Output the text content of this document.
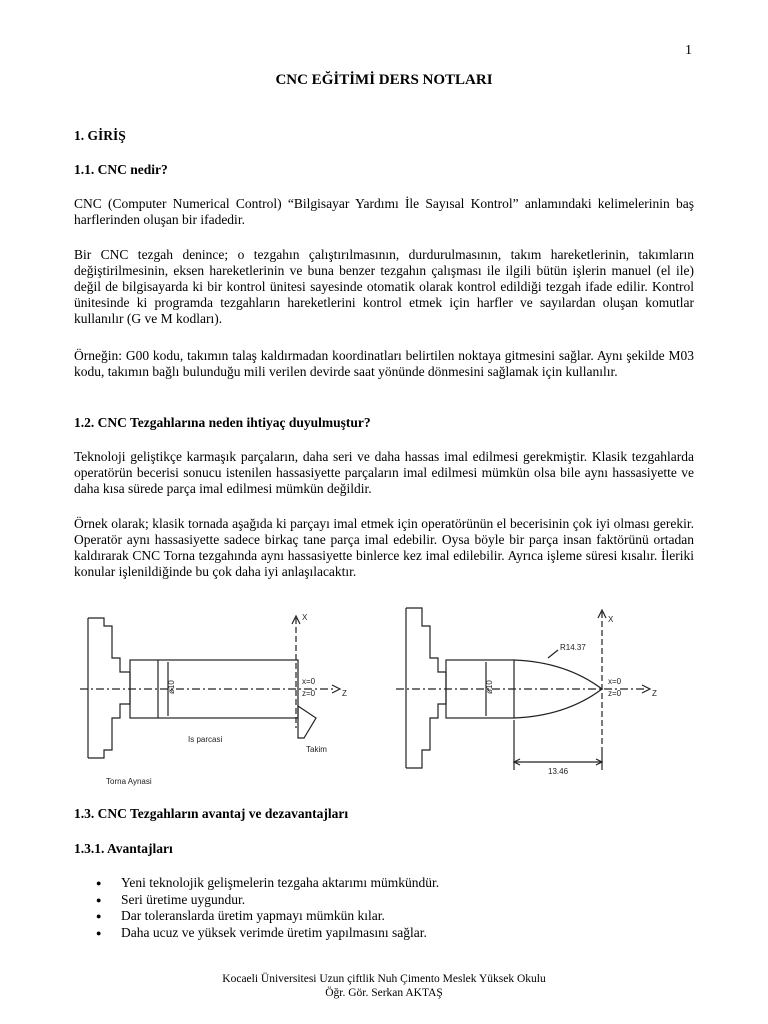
1
CNC EĞİTİMİ DERS NOTLARI
1. GİRİŞ
1.1. CNC nedir?
CNC (Computer Numerical Control) “Bilgisayar Yardımı İle Sayısal Kontrol” anlamındaki kelimelerinin baş harflerinden oluşan bir ifadedir.
Bir CNC tezgah denince; o tezgahın çalıştırılmasının, durdurulmasının, takım hareketlerinin, takımların değiştirilmesinin, eksen hareketlerinin ve buna benzer tezgahın çalışması ile ilgili bütün işlerin manuel (el ile) değil de bilgisayarda ki bir kontrol ünitesi sayesinde otomatik olarak kontrol edildiği tezgah ifade edilir. Kontrol ünitesinde ki programda tezgahların hareketlerini kontrol etmek için harfler ve sayılardan oluşan komutlar kullanılır (G ve M kodları).
Örneğin: G00 kodu, takımın talaş kaldırmadan koordinatları belirtilen noktaya gitmesini sağlar. Aynı şekilde M03 kodu, takımın bağlı bulunduğu mili verilen devirde saat yönünde dönmesini sağlamak için kullanılır.
1.2. CNC Tezgahlarına neden ihtiyaç duyulmuştur?
Teknoloji geliştikçe karmaşık parçaların, daha seri ve daha hassas imal edilmesi gerekmiştir. Klasik tezgahlarda operatörün becerisi sonucu istenilen hassasiyette parçaların imal edilmesi mümkün olsa bile aynı hassasiyette ve daha kısa sürede parça imal edilmesi mümkün değildir.
Örnek olarak; klasik tornada aşağıda ki parçayı imal etmek için operatörünün el becerisinin çok iyi olması gerekir. Operatör aynı hassasiyette sadece birkaç tane parça imal edebilir. Oysa böyle bir parça insan faktörünü ortadan kaldırarak CNC Torna tezgahında aynı hassasiyette binlerce kez imal edilebilir. Ayrıca işleme süresi kısalır. İleriki konular işlenildiğinde bu çok daha iyi anlaşılacaktır.
X
Z
x=0
z=0
ø10
Is parcasi
Takim
Torna Aynasi
X
Z
x=0
z=0
ø10
R14.37
13.46
1.3. CNC Tezgahların avantaj ve dezavantajları
1.3.1. Avantajları
● Yeni teknolojik gelişmelerin tezgaha aktarımı mümkündür.
● Seri üretime uygundur.
● Dar toleranslarda üretim yapmayı mümkün kılar.
● Daha ucuz ve yüksek verimde üretim yapılmasını sağlar.
Kocaeli Üniversitesi Uzun çiftlik Nuh Çimento Meslek Yüksek Okulu
Öğr. Gör. Serkan AKTAŞ
